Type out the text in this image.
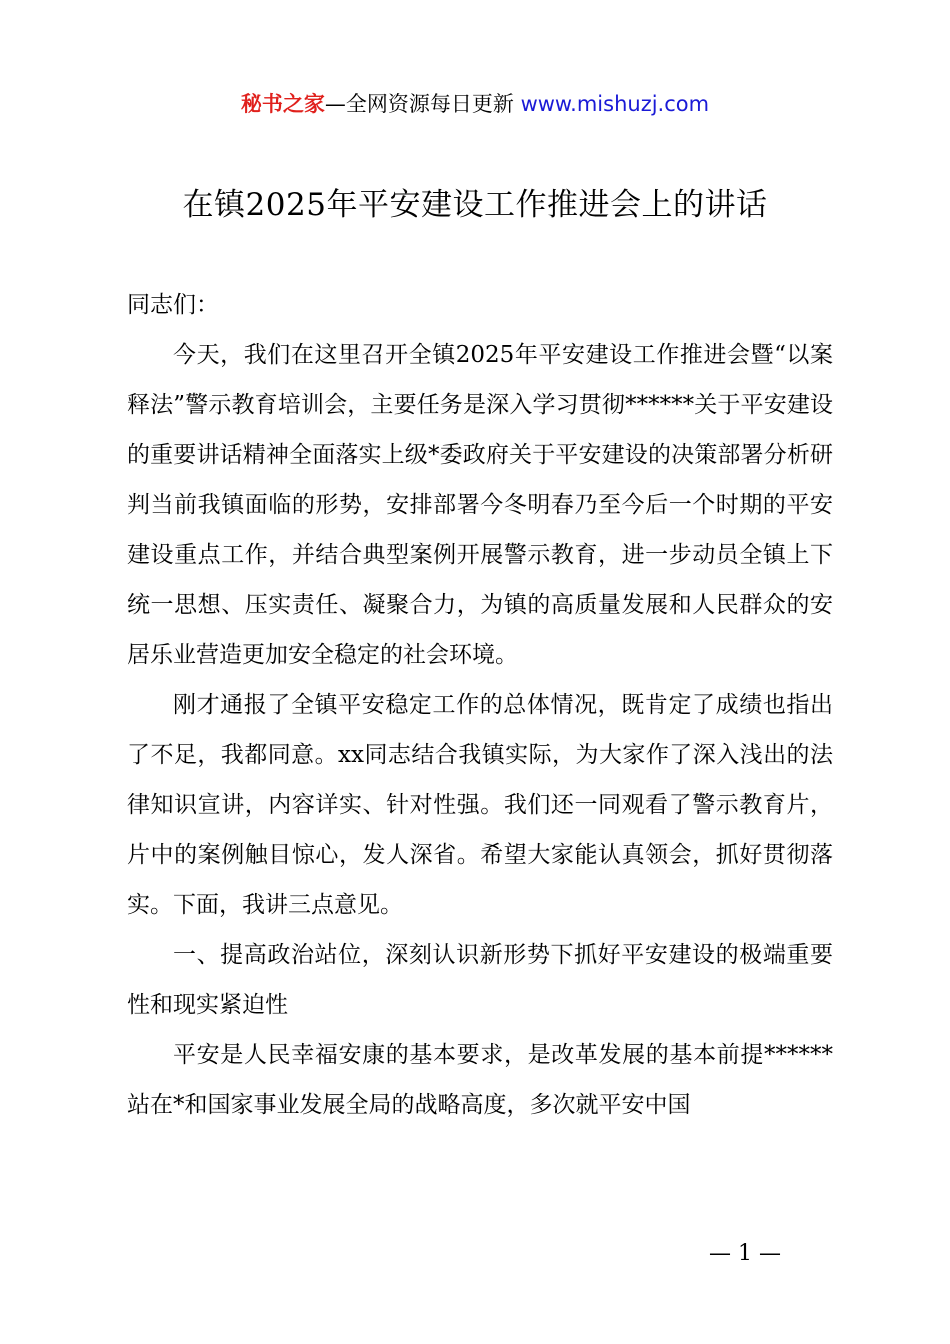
秘书之家—全网资源每日更新 www.mishuzj.com
在镇2025年平安建设工作推进会上的讲话

同志们：

今天，我们在这里召开全镇2025年平安建设工作推进会暨“以案释法”警示教育培训会，主要任务是深入学习贯彻******关于平安建设的重要讲话精神全面落实上级*委政府关于平安建设的决策部署分析研判当前我镇面临的形势，安排部署今冬明春乃至今后一个时期的平安建设重点工作，并结合典型案例开展警示教育，进一步动员全镇上下统一思想、压实责任、凝聚合力，为镇的高质量发展和人民群众的安居乐业营造更加安全稳定的社会环境。

刚才通报了全镇平安稳定工作的总体情况，既肯定了成绩也指出了不足，我都同意。xx同志结合我镇实际，为大家作了深入浅出的法律知识宣讲，内容详实、针对性强。我们还一同观看了警示教育片，片中的案例触目惊心，发人深省。希望大家能认真领会，抓好贯彻落实。下面，我讲三点意见。

一、提高政治站位，深刻认识新形势下抓好平安建设的极端重要性和现实紧迫性

平安是人民幸福安康的基本要求，是改革发展的基本前提******站在*和国家事业发展全局的战略高度，多次就平安中国

— 1 —
